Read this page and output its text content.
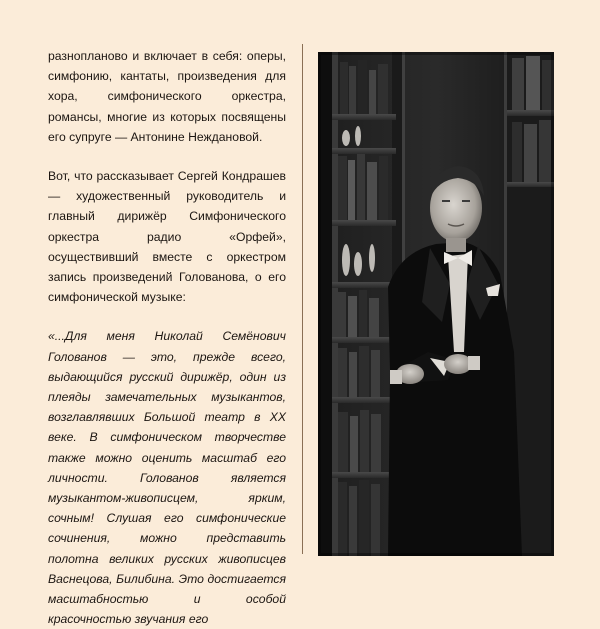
разнопланово и включает в себя: оперы, симфонию, кантаты, произведения для хора, симфонического оркестра, романсы, многие из которых посвящены его супруге — Антонине Неждановой.

Вот, что рассказывает Сергей Кондрашев — художественный руководитель и главный дирижёр Симфонического оркестра радио «Орфей», осуществивший вместе с оркестром запись произведений Голованова, о его симфонической музыке:

«...Для меня Николай Семёнович Голованов — это, прежде всего, выдающийся русский дирижёр, один из плеяды замечательных музыкантов, возглавлявших Большой театр в XX веке. В симфоническом творчестве также можно оценить масштаб его личности. Голованов является музыкантом-живописцем, ярким, сочным! Слушая его симфонические сочинения, можно представить полотна великих русских живописцев Васнецова, Билибина. Это достигается масштабностью и особой красочностью звучания его
